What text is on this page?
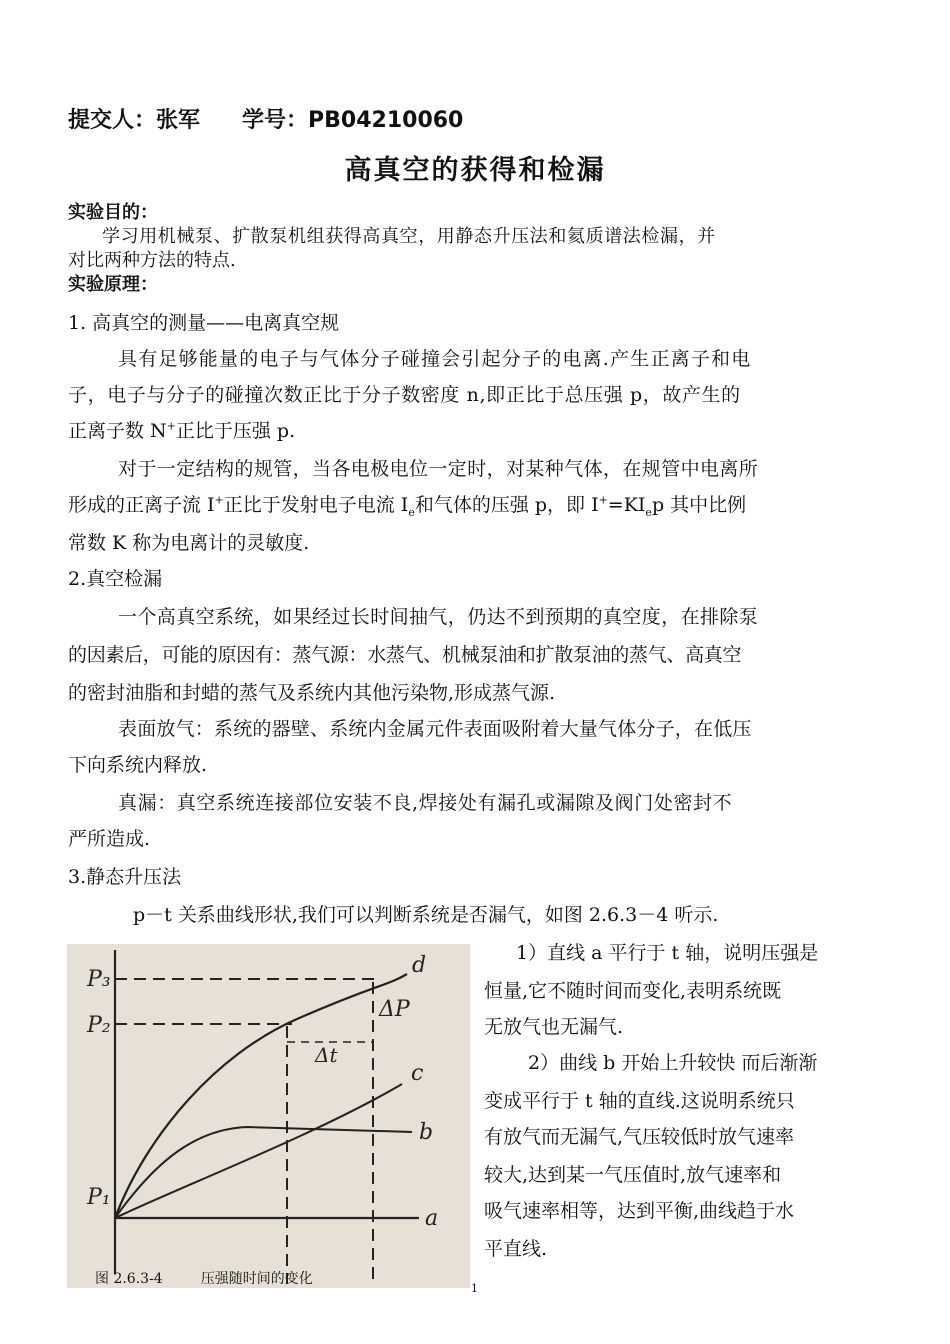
提交人：张军 学号：PB04210060
高真空的获得和检漏
实验目的：
学习用机械泵、扩散泵机组获得高真空，用静态升压法和氦质谱法检漏，并
对比两种方法的特点.
实验原理：
1. 高真空的测量——电离真空规
具有足够能量的电子与气体分子碰撞会引起分子的电离.产生正离子和电
子，电子与分子的碰撞次数正比于分子数密度 n,即正比于总压强 p，故产生的
正离子数 N+正比于压强 p.
对于一定结构的规管，当各电极电位一定时，对某种气体，在规管中电离所
形成的正离子流 I+正比于发射电子电流 $I_e$和气体的压强 p，即 $I^+=KI_ep$ 其中比例
常数 K 称为电离计的灵敏度.
2.真空检漏
一个高真空系统，如果经过长时间抽气，仍达不到预期的真空度，在排除泵
的因素后，可能的原因有：蒸气源：水蒸气、机械泵油和扩散泵油的蒸气、高真空
的密封油脂和封蜡的蒸气及系统内其他污染物,形成蒸气源.
表面放气：系统的器壁、系统内金属元件表面吸附着大量气体分子，在低压
下向系统内释放.
真漏：真空系统连接部位安装不良,焊接处有漏孔或漏隙及阀门处密封不
严所造成.
3.静态升压法
p－t 关系曲线形状,我们可以判断系统是否漏气，如图 2.6.3－4 听示.
P₃
P₂
P₁
ΔP
Δt
a
b
c
d
图 2.6.3-4	压强随时间的变化
1）直线 a 平行于 t 轴，说明压强是
恒量,它不随时间而变化,表明系统既
无放气也无漏气.
2）曲线 b 开始上升较快 而后渐渐
变成平行于 t 轴的直线.这说明系统只
有放气而无漏气,气压较低时放气速率
较大,达到某一气压值时,放气速率和
吸气速率相等，达到平衡,曲线趋于水
平直线.
1
